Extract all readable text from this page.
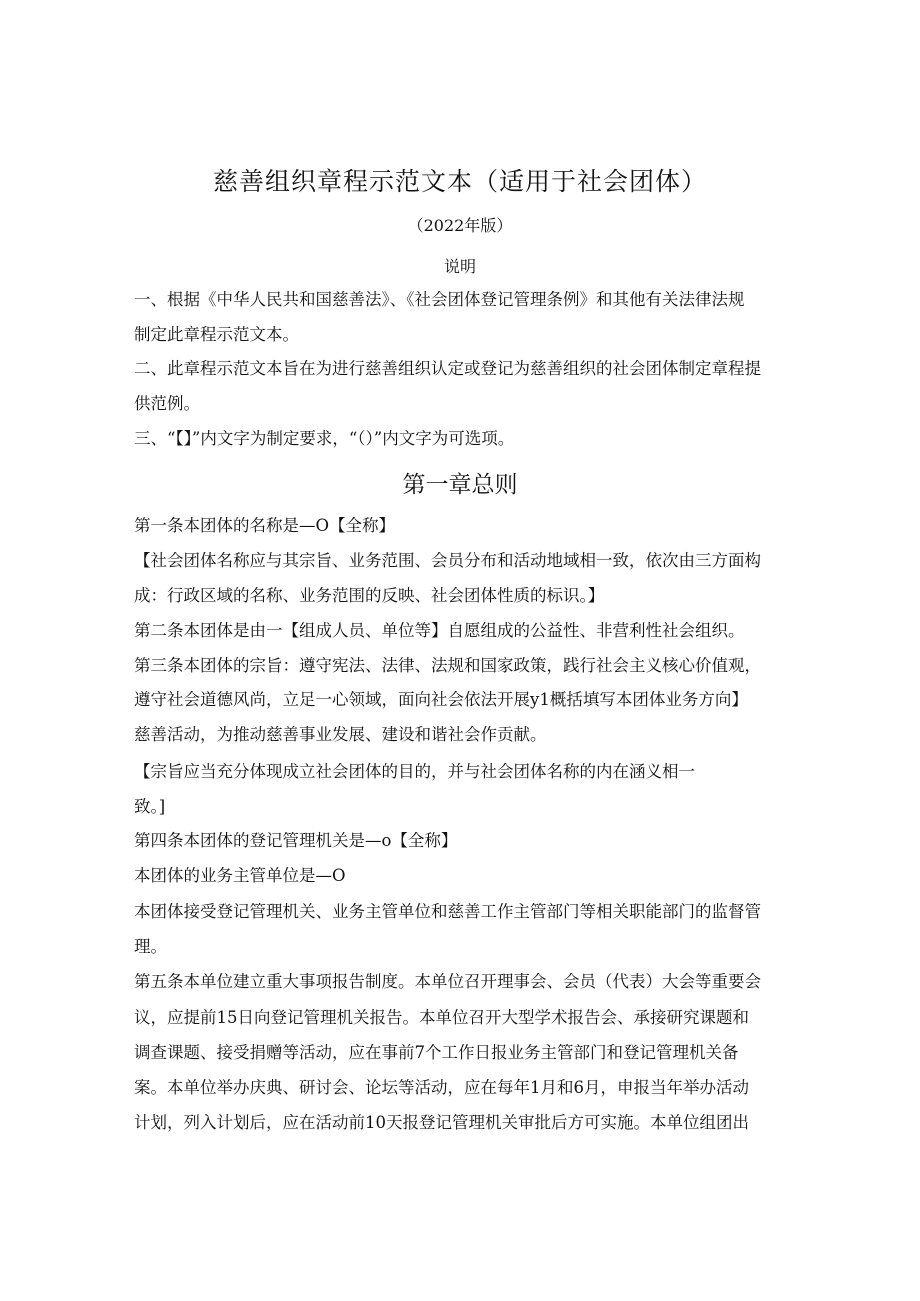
慈善组织章程示范文本（适用于社会团体）
（2022年版）
说明
一、根据《中华人民共和国慈善法》、《社会团体登记管理条例》和其他有关法律法规
制定此章程示范文本。
二、此章程示范文本旨在为进行慈善组织认定或登记为慈善组织的社会团体制定章程提
供范例。
三、“【】”内文字为制定要求，“（）”内文字为可选项。
第一章总则
第一条本团体的名称是—O【全称】
【社会团体名称应与其宗旨、业务范围、会员分布和活动地域相一致，依次由三方面构
成：行政区域的名称、业务范围的反映、社会团体性质的标识。】
第二条本团体是由一【组成人员、单位等】自愿组成的公益性、非营利性社会组织。
第三条本团体的宗旨：遵守宪法、法律、法规和国家政策，践行社会主义核心价值观，
遵守社会道德风尚，立足一心领域，面向社会依法开展y1概括填写本团体业务方向】
慈善活动，为推动慈善事业发展、建设和谐社会作贡献。
【宗旨应当充分体现成立社会团体的目的，并与社会团体名称的内在涵义相一
致。]
第四条本团体的登记管理机关是—o【全称】
本团体的业务主管单位是—O
本团体接受登记管理机关、业务主管单位和慈善工作主管部门等相关职能部门的监督管
理。
第五条本单位建立重大事项报告制度。本单位召开理事会、会员（代表）大会等重要会
议，应提前15日向登记管理机关报告。本单位召开大型学术报告会、承接研究课题和
调查课题、接受捐赠等活动，应在事前7个工作日报业务主管部门和登记管理机关备
案。本单位举办庆典、研讨会、论坛等活动，应在每年1月和6月，申报当年举办活动
计划，列入计划后，应在活动前10天报登记管理机关审批后方可实施。本单位组团出
